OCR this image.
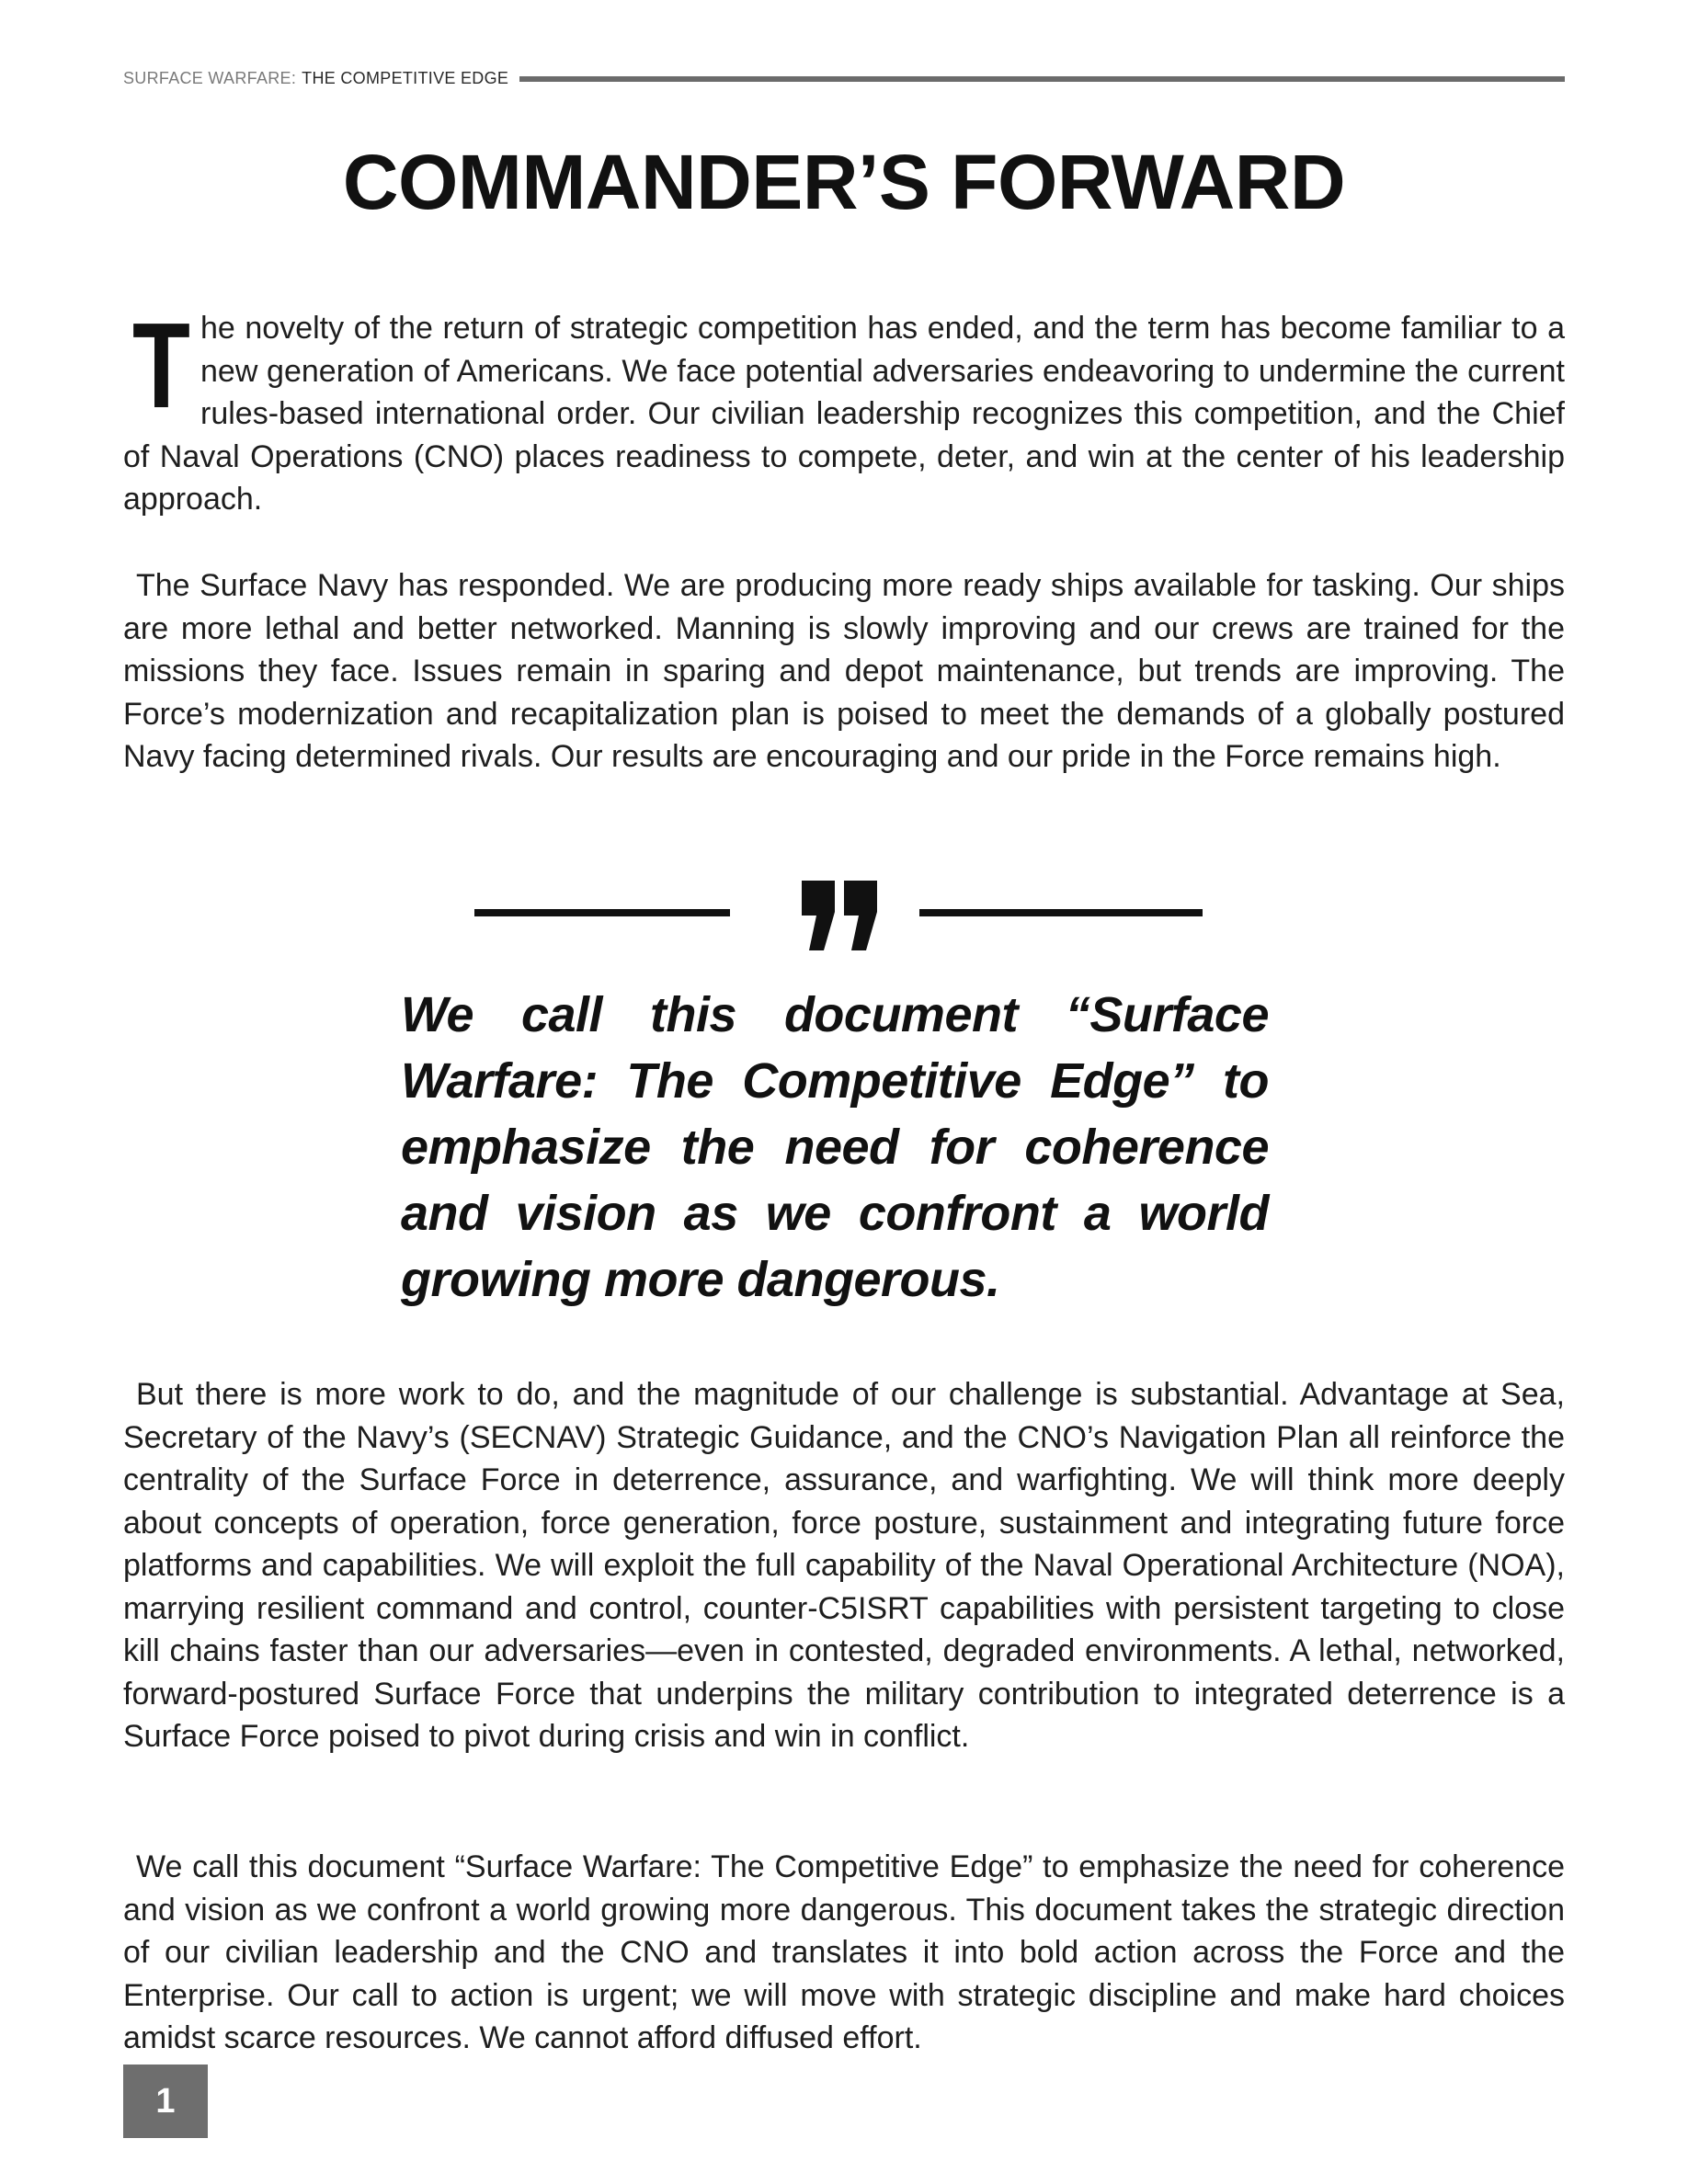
SURFACE WARFARE: THE COMPETITIVE EDGE
COMMANDER’S FORWARD

The novelty of the return of strategic competition has ended, and the term has become familiar to a new generation of Americans. We face potential adversaries endeavoring to undermine the current rules-based international order. Our civilian leadership recognizes this competition, and the Chief of Naval Operations (CNO) places readiness to compete, deter, and win at the center of his leadership approach.

The Surface Navy has responded. We are producing more ready ships available for tasking. Our ships are more lethal and better networked. Manning is slowly improving and our crews are trained for the missions they face. Issues remain in sparing and depot maintenance, but trends are improving. The Force’s modernization and recapitalization plan is poised to meet the demands of a globally postured Navy facing determined rivals. Our results are encouraging and our pride in the Force remains high.

We call this document “Surface Warfare: The Competitive Edge” to emphasize the need for coherence and vision as we confront a world growing more dangerous.

But there is more work to do, and the magnitude of our challenge is substantial. Advantage at Sea, Secretary of the Navy’s (SECNAV) Strategic Guidance, and the CNO’s Navigation Plan all reinforce the centrality of the Surface Force in deterrence, assurance, and warfighting. We will think more deeply about concepts of operation, force generation, force posture, sustainment and integrating future force platforms and capabilities. We will exploit the full capability of the Naval Operational Architecture (NOA), marrying resilient command and control, counter-C5ISRT capabilities with persistent targeting to close kill chains faster than our adversaries—even in contested, degraded environments. A lethal, networked, forward-postured Surface Force that underpins the military contribution to integrated deterrence is a Surface Force poised to pivot during crisis and win in conflict.

We call this document “Surface Warfare: The Competitive Edge” to emphasize the need for coherence and vision as we confront a world growing more dangerous. This document takes the strategic direction of our civilian leadership and the CNO and translates it into bold action across the Force and the Enterprise. Our call to action is urgent; we will move with strategic discipline and make hard choices amidst scarce resources. We cannot afford diffused effort.

1
